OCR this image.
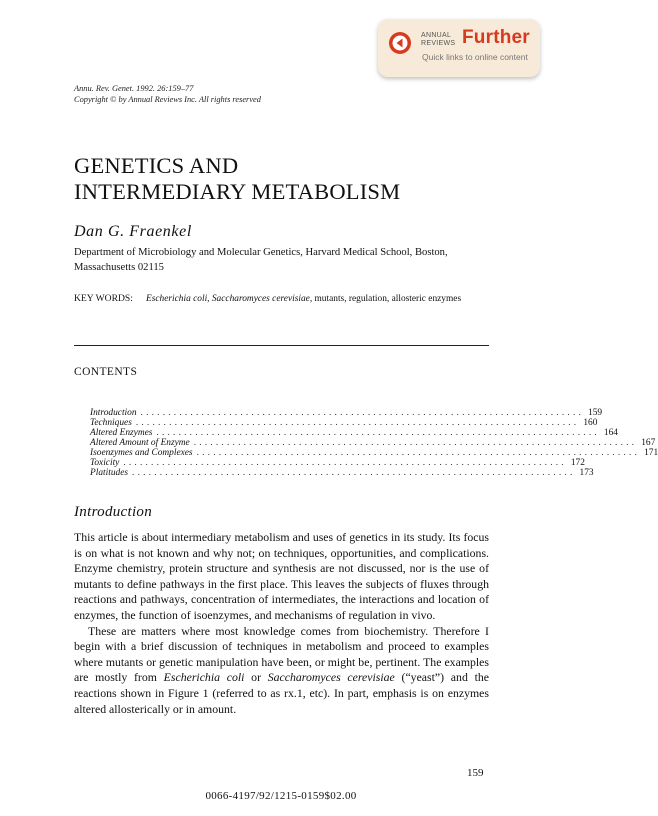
ANNUAL
REVIEWS Further
Quick links to online content
Annu. Rev. Genet. 1992. 26:159–77
Copyright © by Annual Reviews Inc. All rights reserved
GENETICS AND
INTERMEDIARY METABOLISM
Dan G. Fraenkel
Department of Microbiology and Molecular Genetics, Harvard Medical School, Boston, Massachusetts 02115
KEY WORDS: Escherichia coli, Saccharomyces cerevisiae, mutants, regulation, allosteric enzymes
CONTENTS
Introduction ................................................................................ 159
Techniques ................................................................................ 160
Altered Enzymes ................................................................................ 164
Altered Amount of Enzyme ................................................................................ 167
Isoenzymes and Complexes ................................................................................ 171
Toxicity ................................................................................ 172
Platitudes ................................................................................ 173
Introduction

This article is about intermediary metabolism and uses of genetics in its study. Its focus is on what is not known and why not; on techniques, opportunities, and complications. Enzyme chemistry, protein structure and synthesis are not discussed, nor is the use of mutants to define pathways in the first place. This leaves the subjects of fluxes through reactions and pathways, concentration of intermediates, the interactions and location of enzymes, the function of isoenzymes, and mechanisms of regulation in vivo.

These are matters where most knowledge comes from biochemistry. Therefore I begin with a brief discussion of techniques in metabolism and proceed to examples where mutants or genetic manipulation have been, or might be, pertinent. The examples are mostly from Escherichia coli or Saccharomyces cerevisiae (“yeast”) and the reactions shown in Figure 1 (referred to as rx.1, etc). In part, emphasis is on enzymes altered allosterically or in amount.

159
0066-4197/92/1215-0159$02.00
